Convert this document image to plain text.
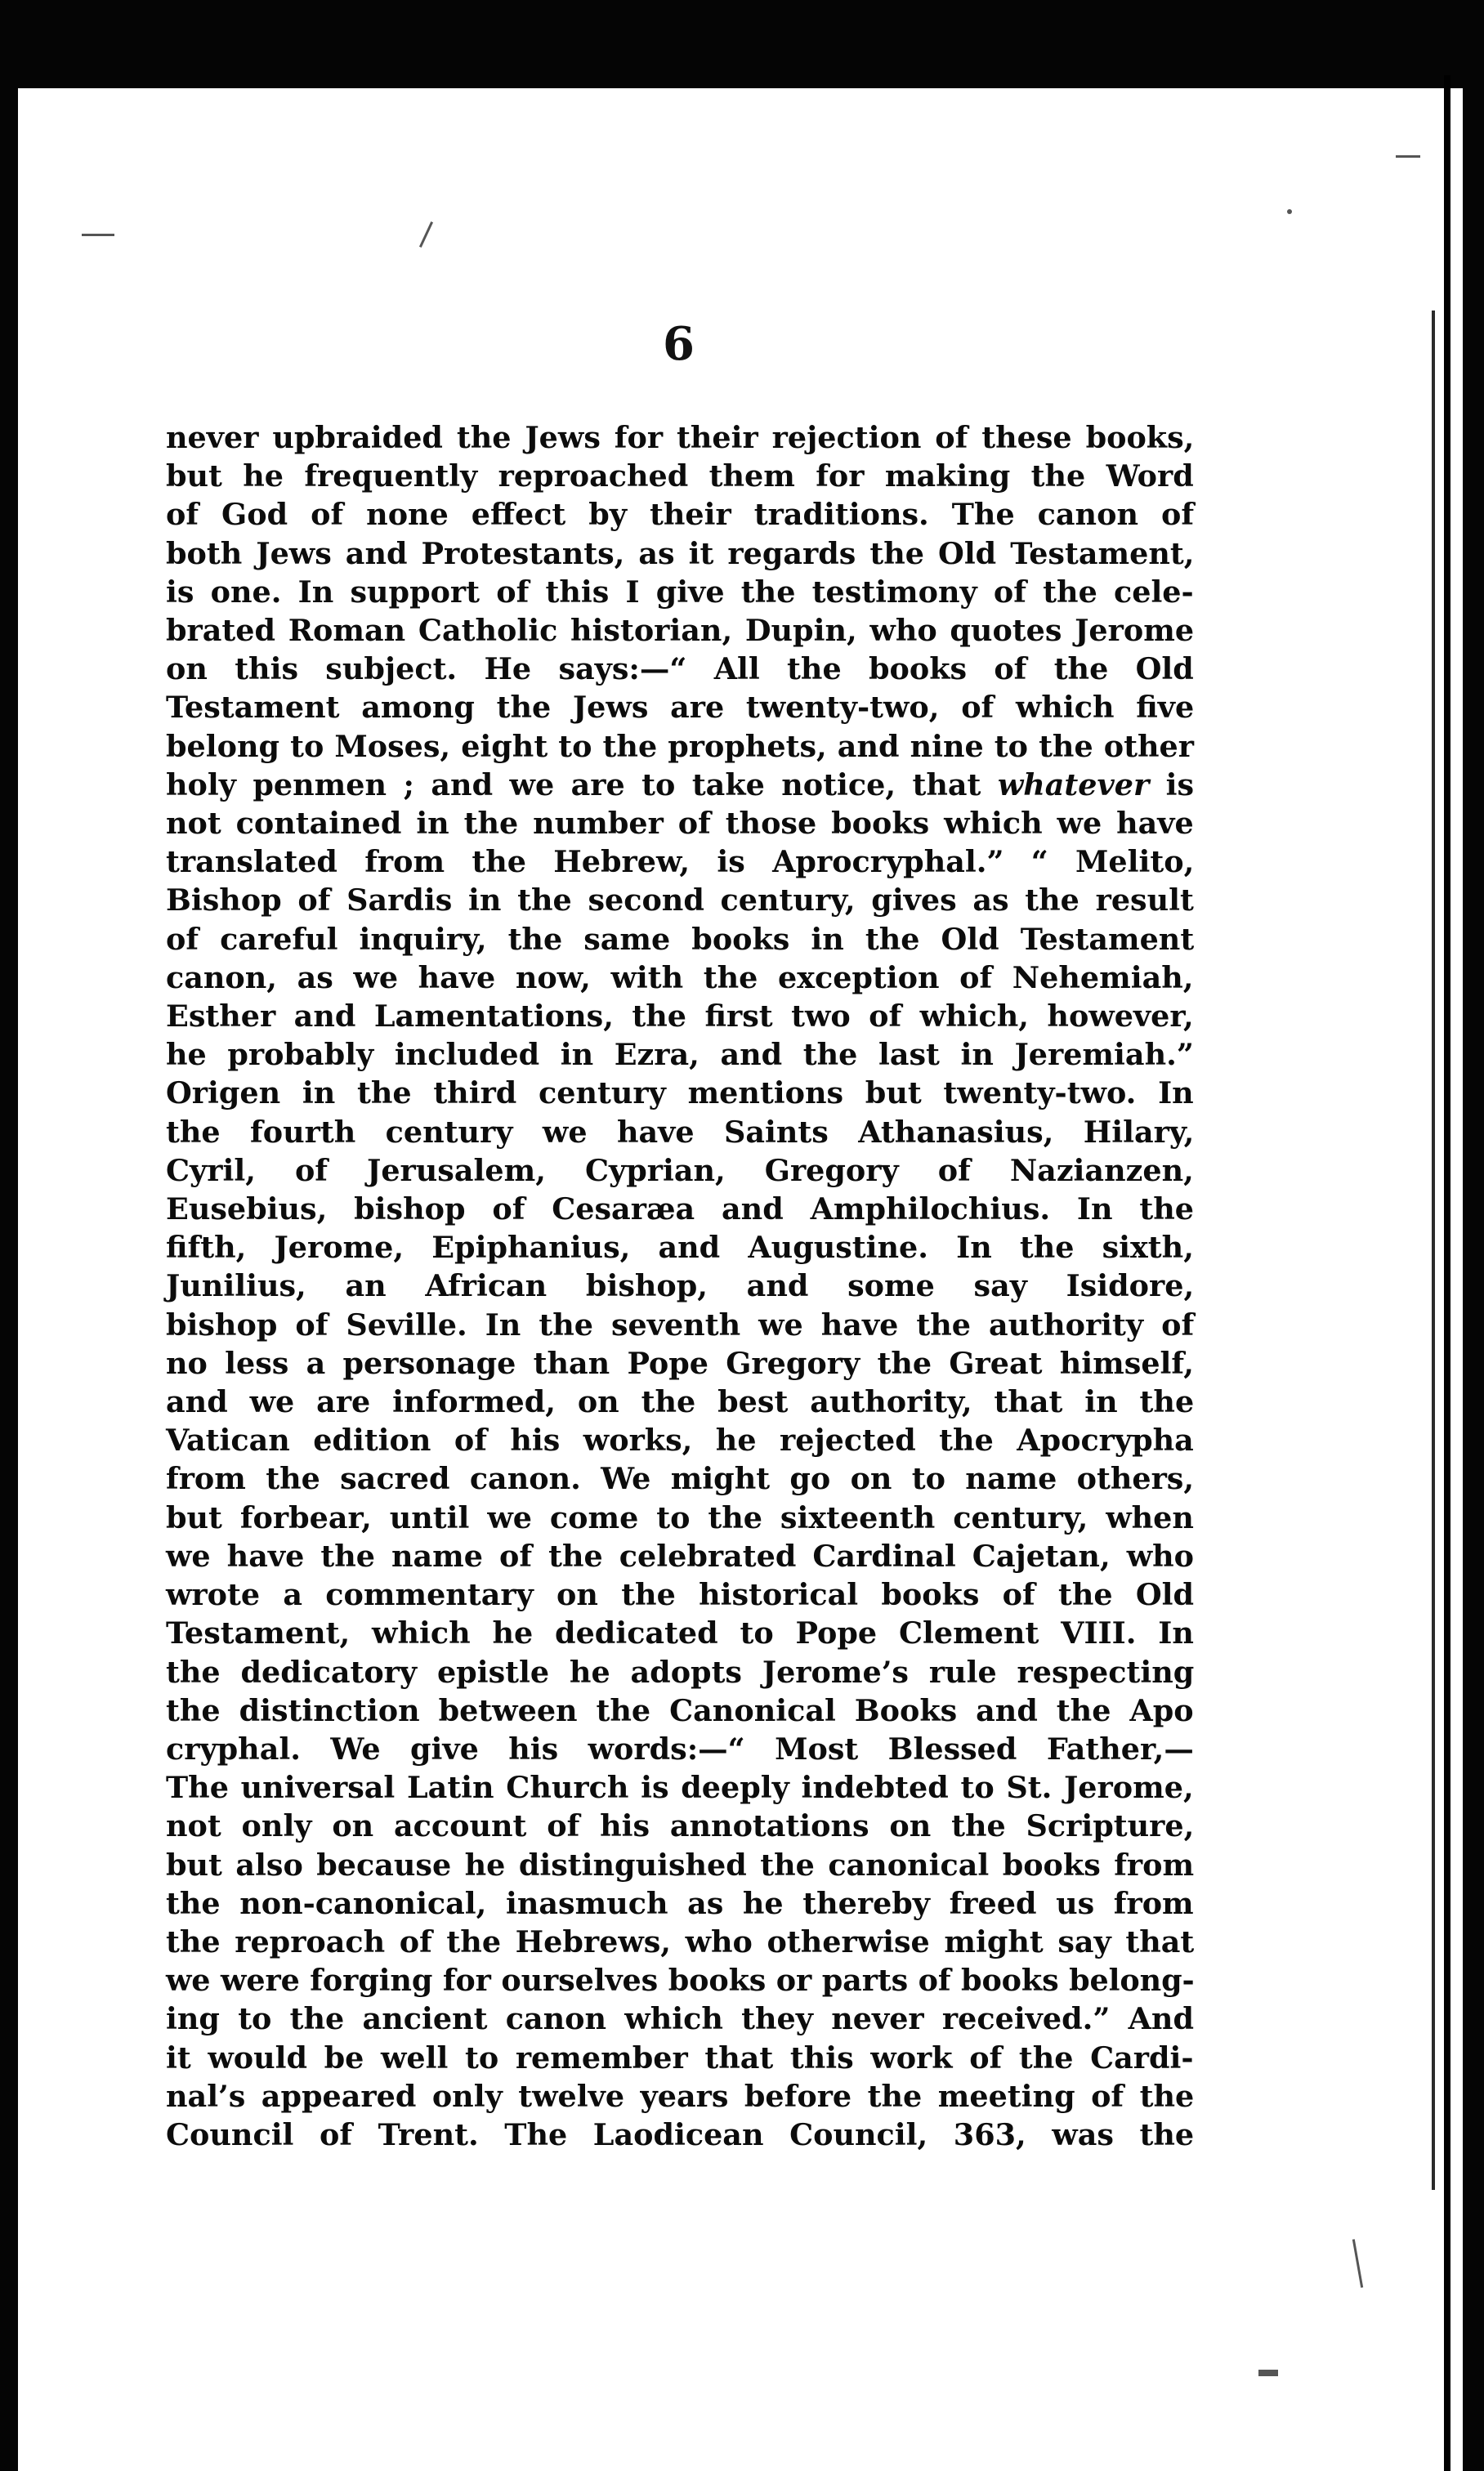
6
never upbraided the Jews for their rejection of these books,
but he frequently reproached them for making the Word
of God of none effect by their traditions. The canon of
both Jews and Protestants, as it regards the Old Testament,
is one. In support of this I give the testimony of the cele-
brated Roman Catholic historian, Dupin, who quotes Jerome
on this subject. He says:—“ All the books of the Old
Testament among the Jews are twenty-two, of which five
belong to Moses, eight to the prophets, and nine to the other
holy penmen ; and we are to take notice, that whatever is
not contained in the number of those books which we have
translated from the Hebrew, is Aprocryphal.” “ Melito,
Bishop of Sardis in the second century, gives as the result
of careful inquiry, the same books in the Old Testament
canon, as we have now, with the exception of Nehemiah,
Esther and Lamentations, the first two of which, however,
he probably included in Ezra, and the last in Jeremiah.”
Origen in the third century mentions but twenty-two. In
the fourth century we have Saints Athanasius, Hilary,
Cyril, of Jerusalem, Cyprian, Gregory of Nazianzen,
Eusebius, bishop of Cesaræa and Amphilochius. In the
fifth, Jerome, Epiphanius, and Augustine. In the sixth,
Junilius, an African bishop, and some say Isidore,
bishop of Seville. In the seventh we have the authority of
no less a personage than Pope Gregory the Great himself,
and we are informed, on the best authority, that in the
Vatican edition of his works, he rejected the Apocrypha
from the sacred canon. We might go on to name others,
but forbear, until we come to the sixteenth century, when
we have the name of the celebrated Cardinal Cajetan, who
wrote a commentary on the historical books of the Old
Testament, which he dedicated to Pope Clement VIII. In
the dedicatory epistle he adopts Jerome’s rule respecting
the distinction between the Canonical Books and the Apo
cryphal. We give his words:—“ Most Blessed Father,—
The universal Latin Church is deeply indebted to St. Jerome,
not only on account of his annotations on the Scripture,
but also because he distinguished the canonical books from
the non-canonical, inasmuch as he thereby freed us from
the reproach of the Hebrews, who otherwise might say that
we were forging for ourselves books or parts of books belong-
ing to the ancient canon which they never received.” And
it would be well to remember that this work of the Cardi-
nal’s appeared only twelve years before the meeting of the
Council of Trent. The Laodicean Council, 363, was the
